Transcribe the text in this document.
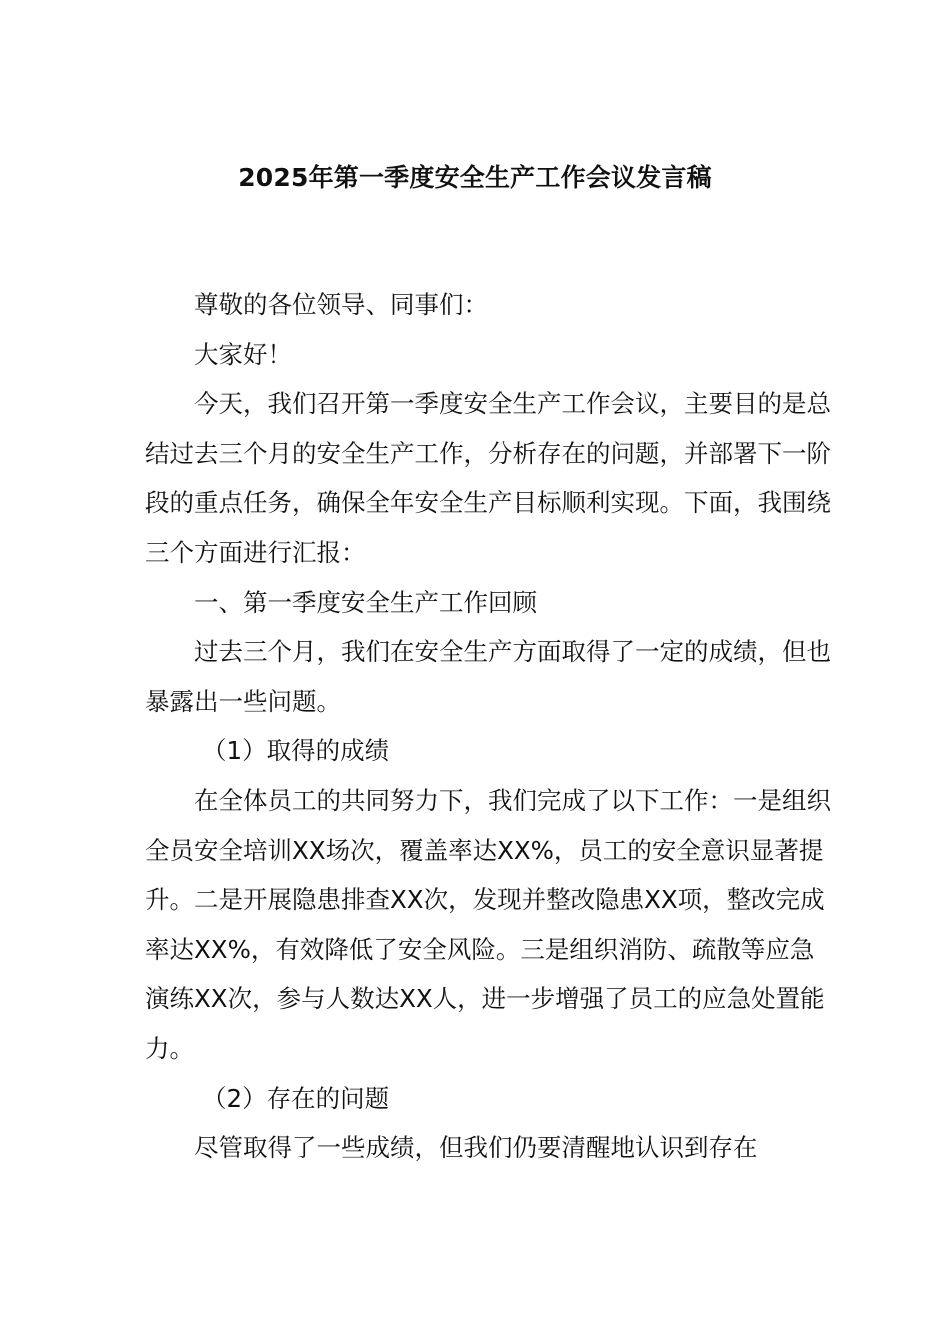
2025年第一季度安全生产工作会议发言稿

尊敬的各位领导、同事们：

大家好！

今天，我们召开第一季度安全生产工作会议，主要目的是总结过去三个月的安全生产工作，分析存在的问题，并部署下一阶段的重点任务，确保全年安全生产目标顺利实现。下面，我围绕三个方面进行汇报：

一、第一季度安全生产工作回顾

过去三个月，我们在安全生产方面取得了一定的成绩，但也暴露出一些问题。

（1）取得的成绩

在全体员工的共同努力下，我们完成了以下工作：一是组织全员安全培训XX场次，覆盖率达XX%，员工的安全意识显著提升。二是开展隐患排查XX次，发现并整改隐患XX项，整改完成率达XX%，有效降低了安全风险。三是组织消防、疏散等应急演练XX次，参与人数达XX人，进一步增强了员工的应急处置能力。

（2）存在的问题

尽管取得了一些成绩，但我们仍要清醒地认识到存在
